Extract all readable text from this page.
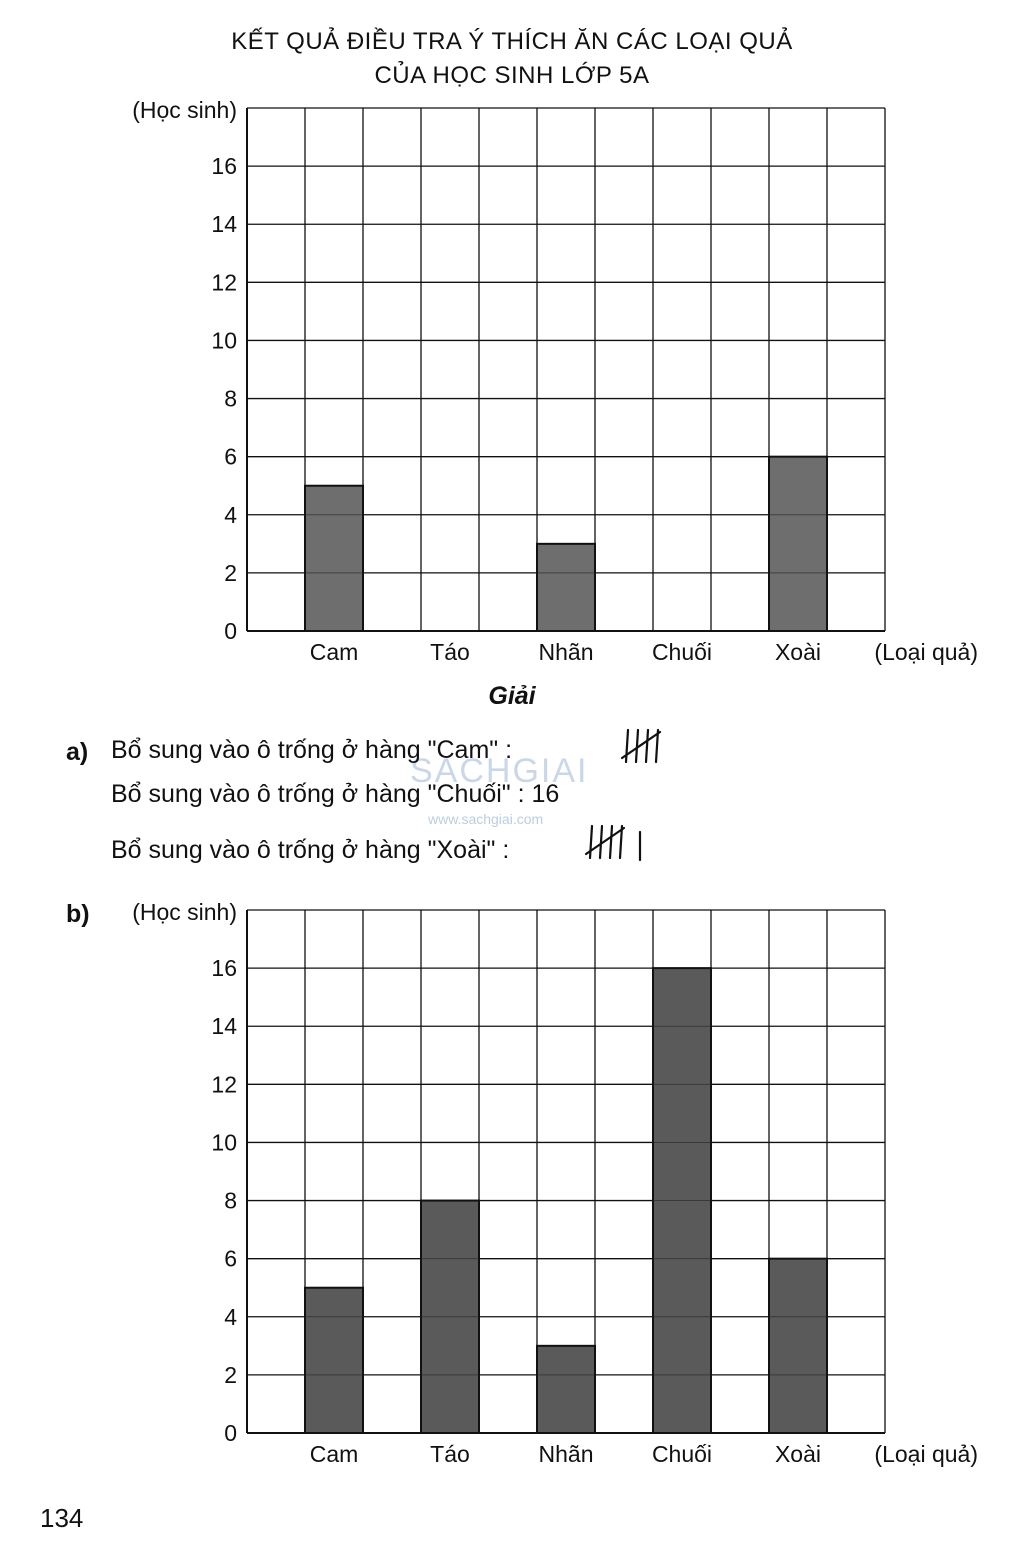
KẾT QUẢ ĐIỀU TRA Ý THÍCH ĂN CÁC LOẠI QUẢ
CỦA HỌC SINH LỚP 5A
0
2
4
6
8
10
12
14
16
(Học sinh)
Cam	Táo	Nhãn	Chuối	Xoài (Loại quả)
Giải
SACHGIAI
www.sachgiai.com
a) Bổ sung vào ô trống ở hàng "Cam" :
Bổ sung vào ô trống ở hàng "Chuối" : 16
Bổ sung vào ô trống ở hàng "Xoài" :
b)
0
2
4
6
8
10
12
14
16
(Học sinh)
Cam	Táo	Nhãn	Chuối	Xoài (Loại quả)
134
